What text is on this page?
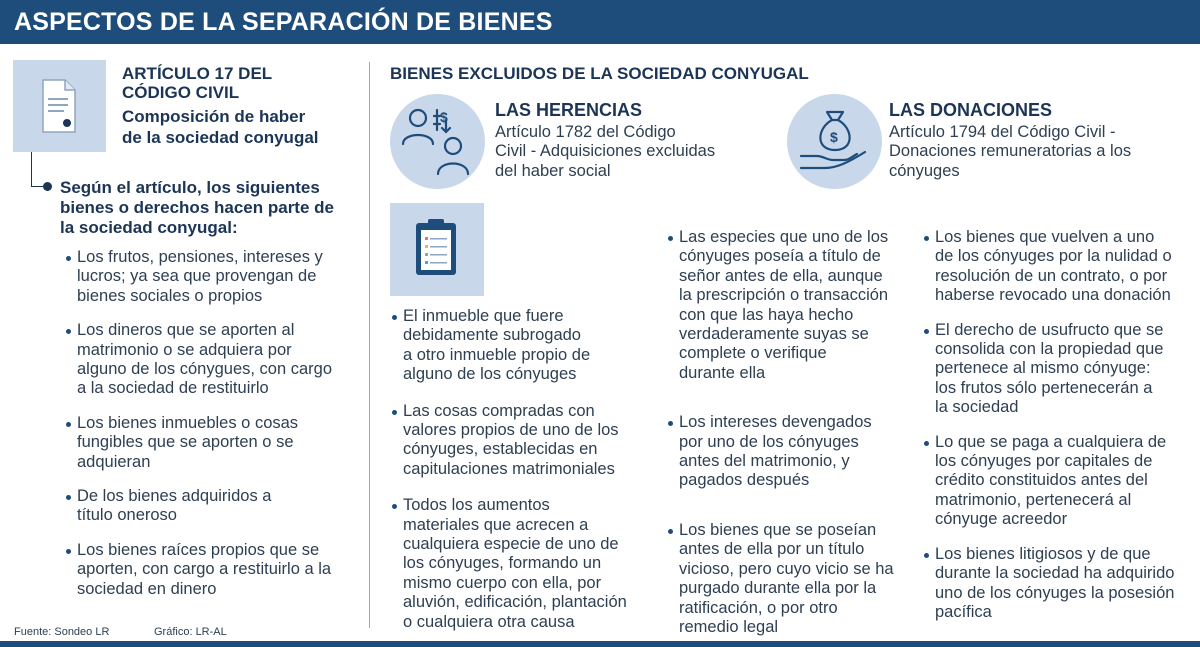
ASPECTOS DE LA SEPARACIÓN DE BIENES
ARTÍCULO 17 DEL
CÓDIGO CIVIL
Composición de haber
de la sociedad conyugal
Según el artículo, los siguientes
bienes o derechos hacen parte de
la sociedad conyugal:
Los frutos, pensiones, intereses y
lucros; ya sea que provengan de
bienes sociales o propios
Los dineros que se aporten al
matrimonio o se adquiera por
alguno de los cónygues, con cargo
a la sociedad de restituirlo
Los bienes inmuebles o cosas
fungibles que se aporten o se
adquieran
De los bienes adquiridos a
título oneroso
Los bienes raíces propios que se
aporten, con cargo a restituirlo a la
sociedad en dinero
BIENES EXCLUIDOS DE LA SOCIEDAD CONYUGAL
$	LAS HERENCIAS
Artículo 1782 del Código
Civil - Adquisiciones excluidas
del haber social
$
LAS DONACIONES
Artículo 1794 del Código Civil -
Donaciones remuneratorias a los
cónyuges
El inmueble que fuere
debidamente subrogado
a otro inmueble propio de
alguno de los cónyuges
Las cosas compradas con
valores propios de uno de los
cónyuges, establecidas en
capitulaciones matrimoniales
Todos los aumentos
materiales que acrecen a
cualquiera especie de uno de
los cónyuges, formando un
mismo cuerpo con ella, por
aluvión, edificación, plantación
o cualquiera otra causa
Las especies que uno de los
cónyuges poseía a título de
señor antes de ella, aunque
la prescripción o transacción
con que las haya hecho
verdaderamente suyas se
complete o verifique
durante ella
Los intereses devengados
por uno de los cónyuges
antes del matrimonio, y
pagados después
Los bienes que se poseían
antes de ella por un título
vicioso, pero cuyo vicio se ha
purgado durante ella por la
ratificación, o por otro
remedio legal
Los bienes que vuelven a uno
de los cónyuges por la nulidad o
resolución de un contrato, o por
haberse revocado una donación
El derecho de usufructo que se
consolida con la propiedad que
pertenece al mismo cónyuge:
los frutos sólo pertenecerán a
la sociedad
Lo que se paga a cualquiera de
los cónyuges por capitales de
crédito constituidos antes del
matrimonio, pertenecerá al
cónyuge acreedor
Los bienes litigiosos y de que
durante la sociedad ha adquirido
uno de los cónyuges la posesión
pacífica
Fuente: Sondeo LR	Gráfico: LR-AL
